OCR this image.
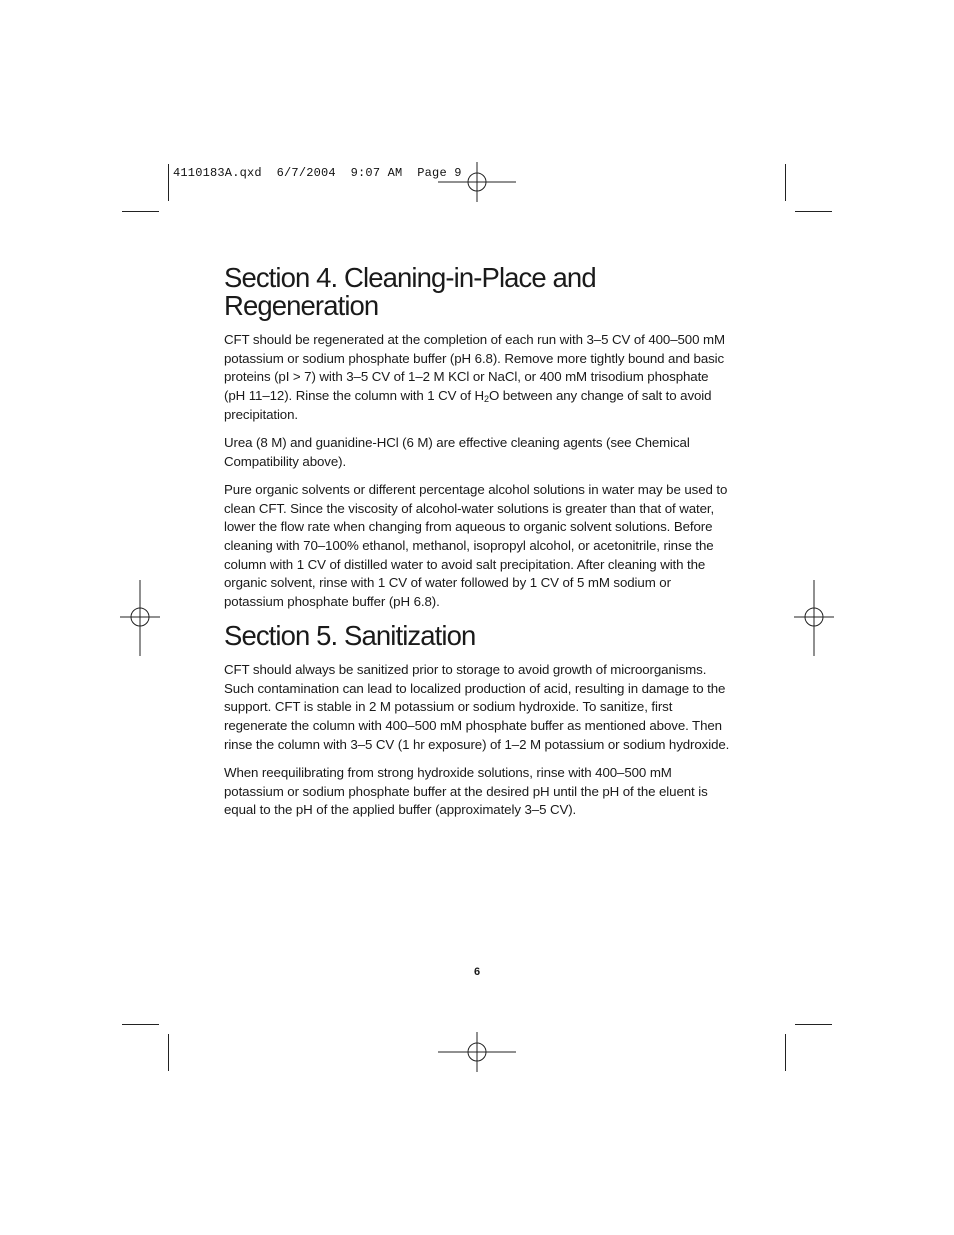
4110183A.qxd  6/7/2004  9:07 AM  Page 9
Section 4. Cleaning-in-Place and Regeneration

CFT should be regenerated at the completion of each run with 3–5 CV of 400–500 mM potassium or sodium phosphate buffer (pH 6.8). Remove more tightly bound and basic proteins (pI > 7) with 3–5 CV of 1–2 M KCl or NaCl, or 400 mM trisodium phosphate (pH 11–12). Rinse the column with 1 CV of $H_2O$ between any change of salt to avoid precipitation.

Urea (8 M) and guanidine-HCl (6 M) are effective cleaning agents (see Chemical Compatibility above).

Pure organic solvents or different percentage alcohol solutions in water may be used to clean CFT. Since the viscosity of alcohol-water solutions is greater than that of water, lower the flow rate when changing from aqueous to organic solvent solutions. Before cleaning with 70–100% ethanol, methanol, isopropyl alcohol, or acetonitrile, rinse the column with 1 CV of distilled water to avoid salt precipitation. After cleaning with the organic solvent, rinse with 1 CV of water followed by 1 CV of 5 mM sodium or potassium phosphate buffer (pH 6.8).

Section 5. Sanitization

CFT should always be sanitized prior to storage to avoid growth of microorganisms. Such contamination can lead to localized production of acid, resulting in damage to the support. CFT is stable in 2 M potassium or sodium hydroxide. To sanitize, first regenerate the column with 400–500 mM phosphate buffer as mentioned above. Then rinse the column with 3–5 CV (1 hr exposure) of 1–2 M potassium or sodium hydroxide.

When reequilibrating from strong hydroxide solutions, rinse with 400–500 mM potassium or sodium phosphate buffer at the desired pH until the pH of the eluent is equal to the pH of the applied buffer (approximately 3–5 CV).

6
